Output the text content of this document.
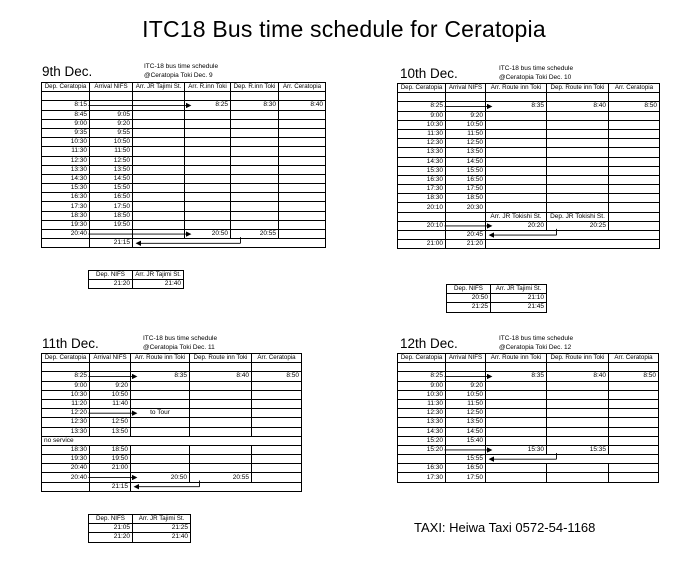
ITC18 Bus time schedule for Ceratopia
9th Dec.	ITC-18 bus time schedule
@Ceratopia Toki Dec. 9
Dep. Ceratopia	Arrival NIFS	Arr. JR Tajimi St.	Arr. R.inn Toki	Dep. R.inn Toki	Arr. Ceratopia

8:15			8:25	8:30	8:40
8:45	9:05				
9:00	9:20				
9:35	9:55				
10:30	10:50				
11:30	11:50				
12:30	12:50				
13:30	13:50				
14:30	14:50				
15:30	15:50				
16:30	16:50				
17:30	17:50				
18:30	18:50				
19:30	19:50				
20:40			20:50	20:55	
	21:15				
Dep. NIFS	Arr. JR Tajimi St.
21:20	21:40
10th Dec.	ITC-18 bus time schedule
@Ceratopia Toki Dec. 10
Dep. Ceratopia	Arrival NIFS	Arr. Route inn Toki	Dep. Route inn Toki	Arr. Ceratopia

8:25		8:35	8:40	8:50
9:00	9:20			
10:30	10:50			
11:30	11:50			
12:30	12:50			
13:30	13:50			
14:30	14:50			
15:30	15:50			
16:30	16:50			
17:30	17:50			
18:30	18:50			
20:10	20:30			
		Arr. JR Tokishi St.	Dep. JR Tokishi St.	
20:10		20:20	20:25	
	20:45			
21:00	21:20			
Dep. NIFS	Arr. JR Tajimi St.
20:50	21:10
21:25	21:45
11th Dec.	ITC-18 bus time schedule
@Ceratopia Toki Dec. 11
Dep. Ceratopia	Arrival NIFS	Arr. Route inn Toki	Dep. Route inn Toki	Arr. Ceratopia

8:25		8:35	8:40	8:50
9:00	9:20			
10:30	10:50			
11:20	11:40			
12:20		to Tour		
12:30	12:50			
13:30	13:50			
no service				
18:30	18:50			
19:30	19:50			
20:40	21:00			
20:40		20:50	20:55	
	21:15			
Dep. NIFS	Arr. JR Tajimi St.
21:05	21:25
21:20	21:40
12th Dec.	ITC-18 bus time schedule
@Ceratopia Toki Dec. 12
Dep. Ceratopia	Arrival NIFS	Arr. Route inn Toki	Dep. Route inn Toki	Arr. Ceratopia

8:25		8:35	8:40	8:50
9:00	9:20			
10:30	10:50			
11:30	11:50			
12:30	12:50			
13:30	13:50			
14:30	14:50			
15:20	15:40			
15:20		15:30	15:35	
	15:55			
16:30	16:50			
17:30	17:50			
TAXI: Heiwa Taxi 0572-54-1168
